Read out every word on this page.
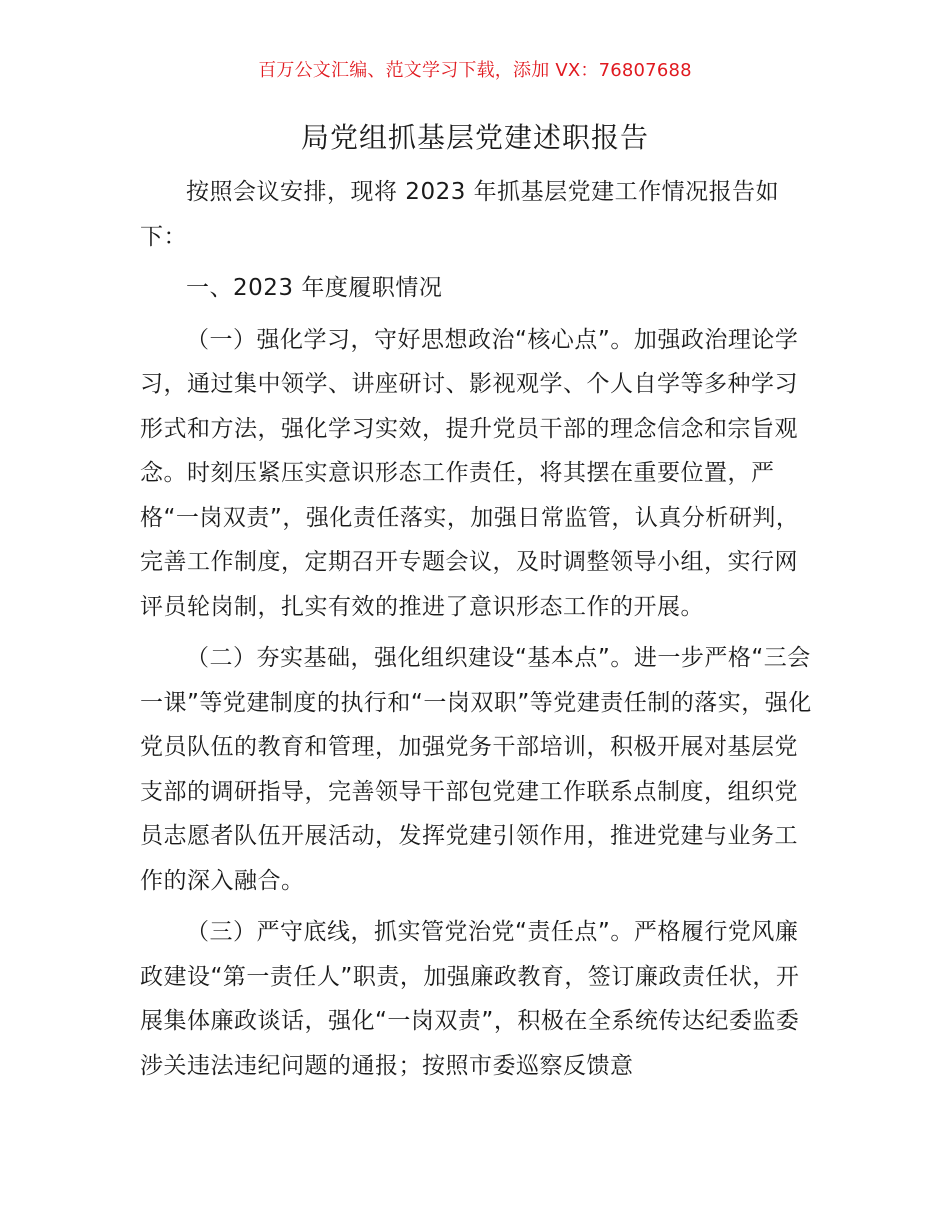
百万公文汇编、范文学习下载，添加 VX：76807688
局党组抓基层党建述职报告

按照会议安排，现将 2023 年抓基层党建工作情况报告如下：

一、2023 年度履职情况

（一）强化学习，守好思想政治“核心点”。加强政治理论学习，通过集中领学、讲座研讨、影视观学、个人自学等多种学习形式和方法，强化学习实效，提升党员干部的理念信念和宗旨观念。时刻压紧压实意识形态工作责任，将其摆在重要位置，严格“一岗双责”，强化责任落实，加强日常监管，认真分析研判，完善工作制度，定期召开专题会议，及时调整领导小组，实行网评员轮岗制，扎实有效的推进了意识形态工作的开展。

（二）夯实基础，强化组织建设“基本点”。进一步严格“三会一课”等党建制度的执行和“一岗双职”等党建责任制的落实，强化党员队伍的教育和管理，加强党务干部培训，积极开展对基层党支部的调研指导，完善领导干部包党建工作联系点制度，组织党员志愿者队伍开展活动，发挥党建引领作用，推进党建与业务工作的深入融合。

（三）严守底线，抓实管党治党“责任点”。严格履行党风廉政建设“第一责任人”职责，加强廉政教育，签订廉政责任状，开展集体廉政谈话，强化“一岗双责”，积极在全系统传达纪委监委涉关违法违纪问题的通报；按照市委巡察反馈意
